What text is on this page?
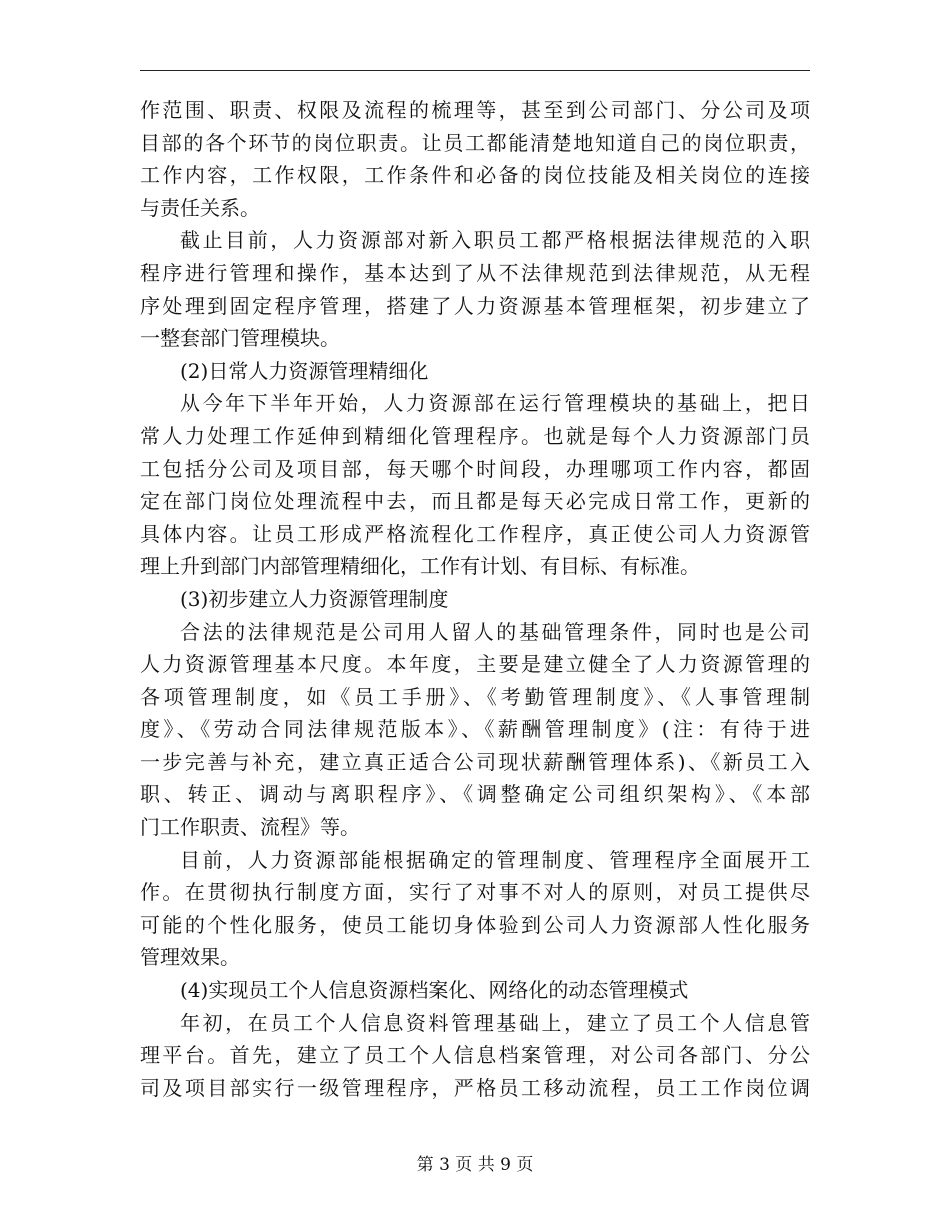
作范围、职责、权限及流程的梳理等，甚至到公司部门、分公司及项
目部的各个环节的岗位职责。让员工都能清楚地知道自己的岗位职责，
工作内容，工作权限，工作条件和必备的岗位技能及相关岗位的连接
与责任关系。
截止目前，人力资源部对新入职员工都严格根据法律规范的入职
程序进行管理和操作，基本达到了从不法律规范到法律规范，从无程
序处理到固定程序管理，搭建了人力资源基本管理框架，初步建立了
一整套部门管理模块。
(2)日常人力资源管理精细化
从今年下半年开始，人力资源部在运行管理模块的基础上，把日
常人力处理工作延伸到精细化管理程序。也就是每个人力资源部门员
工包括分公司及项目部，每天哪个时间段，办理哪项工作内容，都固
定在部门岗位处理流程中去，而且都是每天必完成日常工作，更新的
具体内容。让员工形成严格流程化工作程序，真正使公司人力资源管
理上升到部门内部管理精细化，工作有计划、有目标、有标准。
(3)初步建立人力资源管理制度
合法的法律规范是公司用人留人的基础管理条件，同时也是公司
人力资源管理基本尺度。本年度，主要是建立健全了人力资源管理的
各项管理制度，如《员工手册》、《考勤管理制度》、《人事管理制
度》、《劳动合同法律规范版本》、《薪酬管理制度》(注：有待于进
一步完善与补充，建立真正适合公司现状薪酬管理体系)、《新员工入
职、转正、调动与离职程序》、《调整确定公司组织架构》、《本部
门工作职责、流程》等。
目前，人力资源部能根据确定的管理制度、管理程序全面展开工
作。在贯彻执行制度方面，实行了对事不对人的原则，对员工提供尽
可能的个性化服务，使员工能切身体验到公司人力资源部人性化服务
管理效果。
(4)实现员工个人信息资源档案化、网络化的动态管理模式
年初，在员工个人信息资料管理基础上，建立了员工个人信息管
理平台。首先，建立了员工个人信息档案管理，对公司各部门、分公
司及项目部实行一级管理程序，严格员工移动流程，员工工作岗位调
第 3 页 共 9 页
